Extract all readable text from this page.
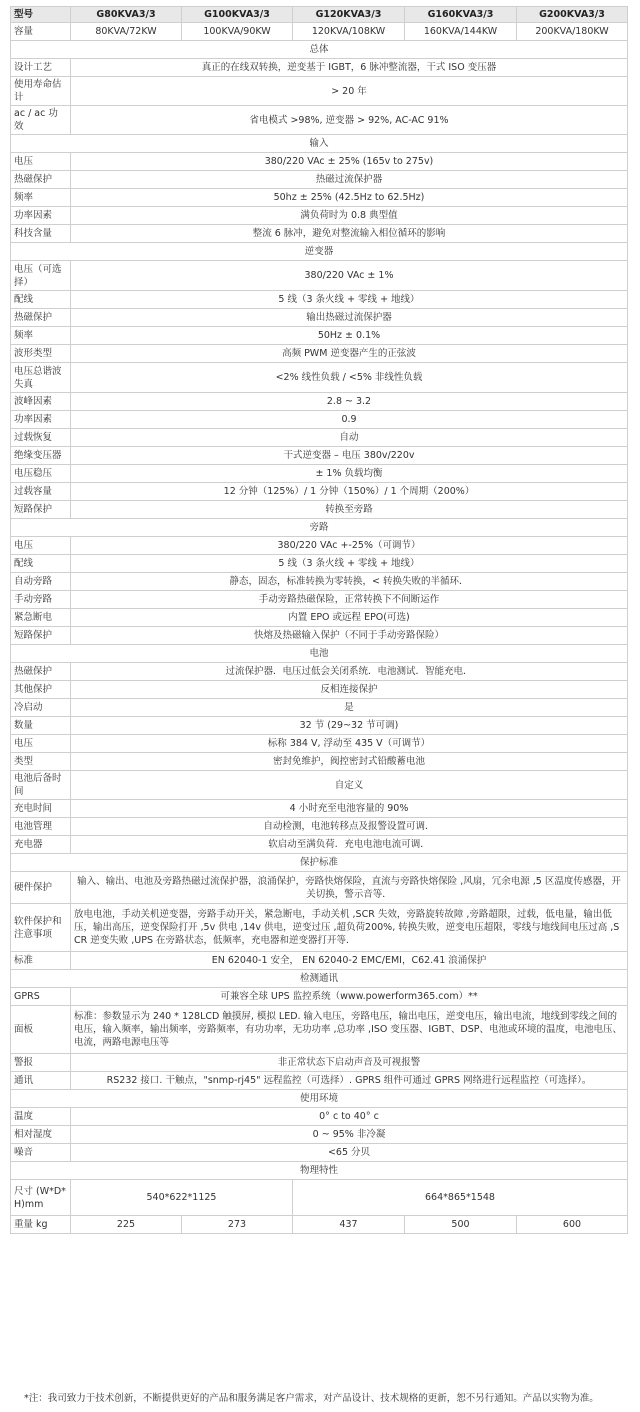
型号	G80KVA3/3	G100KVA3/3	G120KVA3/3	G160KVA3/3	G200KVA3/3
容量	80KVA/72KW	100KVA/90KW	120KVA/108KW	160KVA/144KW	200KVA/180KW
总体					
设计工艺	真正的在线双转换，逆变基于 IGBT，6 脉冲整流器，干式 ISO 变压器				
使用寿命估计	> 20 年				
ac / ac 功效	省电模式 >98%, 逆变器 > 92%, AC-AC 91%				
输入					
电压	380/220 VAc ± 25% (165v to 275v)				
热磁保护	热磁过流保护器				
频率	50hz ± 25% (42.5Hz to 62.5Hz)				
功率因素	满负荷时为 0.8 典型值				
科技含量	整流 6 脉冲，避免对整流输入相位循环的影响				
逆变器					
电压（可选择）	380/220 VAc ± 1%				
配线	5 线（3 条火线 + 零线 + 地线）				
热磁保护	输出热磁过流保护器				
频率	50Hz ± 0.1%				
波形类型	高频 PWM 逆变器产生的正弦波				
电压总谐波失真	<2% 线性负载 / <5% 非线性负载				
波峰因素	2.8 ~ 3.2				
功率因素	0.9				
过载恢复	自动				
绝缘变压器	干式逆变器 – 电压 380v/220v				
电压稳压	± 1% 负载均衡				
过载容量	12 分钟（125%）/ 1 分钟（150%）/ 1 个周期（200%）				
短路保护	转换至旁路				
旁路					
电压	380/220 VAc +-25%（可调节）				
配线	5 线（3 条火线 + 零线 + 地线）				
自动旁路	静态，固态，标准转换为零转换，< 转换失败的半循环．				
手动旁路	手动旁路热磁保险，正常转换下不间断运作				
紧急断电	内置 EPO 或远程 EPO(可选)				
短路保护	快熔及热磁输入保护（不同于手动旁路保险）				
电池					
热磁保护	过流保护器．电压过低会关闭系统．电池测试．智能充电．				
其他保护	反相连接保护				
冷启动	是				
数量	32 节 (29~32 节可调)				
电压	标称 384 V, 浮动至 435 V（可调节）				
类型	密封免维护，阀控密封式铅酸蓄电池				
电池后备时间	自定义				
充电时间	4 小时充至电池容量的 90%				
电池管理	自动检测，电池转移点及报警设置可调．				
充电器	软启动至满负荷．充电电池电流可调．				
保护标准					
硬件保护	输入、输出、电池及旁路热磁过流保护器，浪涌保护，旁路快熔保险，直流与旁路快熔保险 ,风扇，冗余电源 ,5 区温度传感器，开关切换，警示音等．				
软件保护和注意事项	放电电池，手动关机逆变器，旁路手动开关，紧急断电，手动关机 ,SCR 失效，旁路旋转故障 ,旁路超限，过载，低电量，输出低压，输出高压，逆变保险打开 ,5v 供电 ,14v 供电，逆变过压 ,超负荷200%, 转换失败，逆变电压超限，零线与地线间电压过高 ,SCR 逆变失败 ,UPS 在旁路状态，低频率，充电器和逆变器打开等．				
标准	EN 62040-1 安全， EN 62040-2 EMC/EMI，C62.41 浪涌保护				
检测通讯					
GPRS	可兼容全球 UPS 监控系统（www.powerform365.com）**				
面板	标准：参数显示为 240 * 128LCD 触摸屏, 模拟 LED. 输入电压，旁路电压，输出电压，逆变电压，输出电流，地线到零线之间的电压，输入频率，输出频率，旁路频率，有功功率，无功功率 ,总功率 ,ISO 变压器、IGBT、DSP、电池或环境的温度，电池电压、电流，两路电源电压等				
警报	非正常状态下启动声音及可视报警				
通讯	RS232 接口. 干触点，"snmp-rj45" 远程监控（可选择）. GPRS 组件可通过 GPRS 网络进行远程监控（可选择）。				
使用环境					
温度	0° c to 40° c				
相对湿度	0 ~ 95% 非冷凝				
噪音	<65 分贝				
物理特性					
尺寸 (W*D*H)mm	540*622*1125		664*865*1548		
重量 kg	225	273	437	500	600
*注：我司致力于技术创新，不断提供更好的产品和服务满足客户需求，对产品设计、技术规格的更新，恕不另行通知。产品以实物为准。
